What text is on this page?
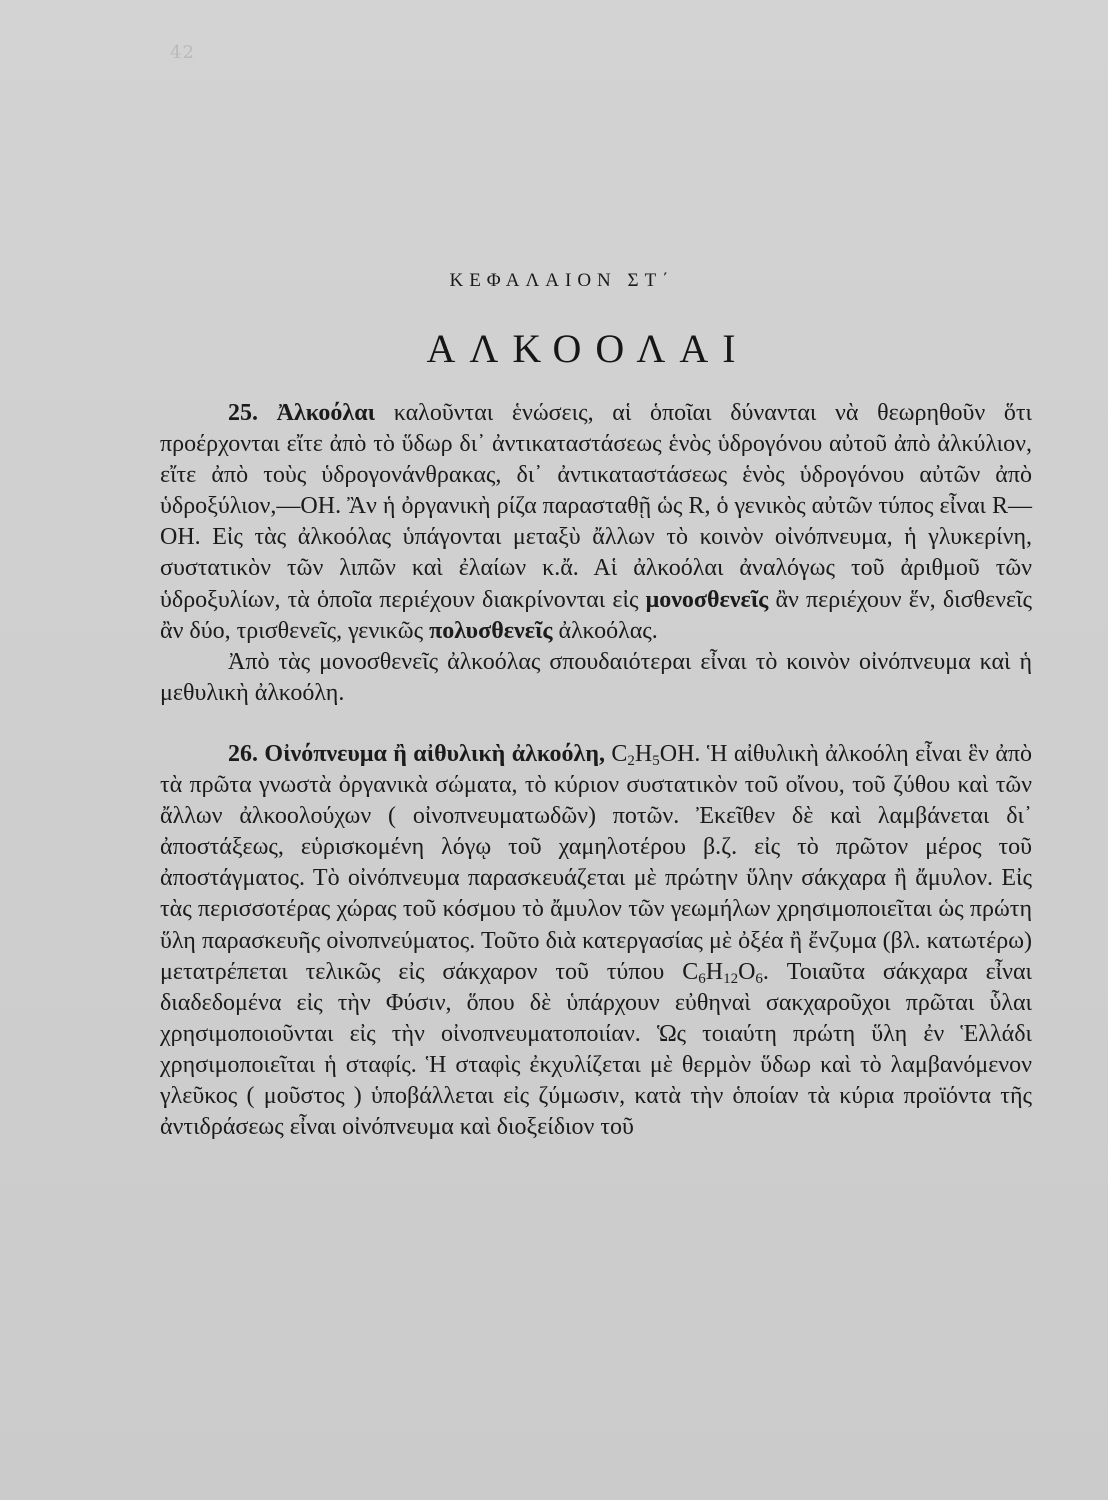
42
ΚΕΦΑΛΑΙΟΝ ΣΤ΄
ΑΛΚΟΟΛΑΙ

25. Ἀλκοόλαι καλοῦνται ἑνώσεις, αἱ ὁποῖαι δύνανται νὰ θεωρηθοῦν ὅτι προέρχονται εἴτε ἀπὸ τὸ ὕδωρ δι᾽ ἀντικαταστάσεως ἑνὸς ὑδρογόνου αὐτοῦ ἀπὸ ἀλκύλιον, εἴτε ἀπὸ τοὺς ὑδρογονάνθρακας, δι᾽ ἀντικαταστάσεως ἑνὸς ὑδρογόνου αὐτῶν ἀπὸ ὑδροξύλιον,—ΟΗ. Ἂν ἡ ὀργανικὴ ρίζα παρασταθῇ ὡς R, ὁ γενικὸς αὐτῶν τύπος εἶναι R—OH. Εἰς τὰς ἀλκοόλας ὑπάγονται μεταξὺ ἄλλων τὸ κοινὸν οἰνόπνευμα, ἡ γλυκερίνη, συστατικὸν τῶν λιπῶν καὶ ἐλαίων κ.ἄ. Αἱ ἀλκοόλαι ἀναλόγως τοῦ ἀριθμοῦ τῶν ὑδροξυλίων, τὰ ὁποῖα περιέχουν διακρίνονται εἰς μονοσθενεῖς ἂν περιέχουν ἕν, δισθενεῖς ἂν δύο, τρισθενεῖς, γενικῶς πολυσθενεῖς ἀλκοόλας.

Ἀπὸ τὰς μονοσθενεῖς ἀλκοόλας σπουδαιότεραι εἶναι τὸ κοινὸν οἰνόπνευμα καὶ ἡ μεθυλικὴ ἀλκοόλη.

26. Οἰνόπνευμα ἢ αἰθυλικὴ ἀλκοόλη, $C_2H_5OH$. Ἡ αἰθυλικὴ ἀλκοόλη εἶναι ἓν ἀπὸ τὰ πρῶτα γνωστὰ ὀργανικὰ σώματα, τὸ κύριον συστατικὸν τοῦ οἴνου, τοῦ ζύθου καὶ τῶν ἄλλων ἀλκοολούχων ( οἰνοπνευματωδῶν) ποτῶν. Ἐκεῖθεν δὲ καὶ λαμβάνεται δι᾽ ἀποστάξεως, εὑρισκομένη λόγῳ τοῦ χαμηλοτέρου β.ζ. εἰς τὸ πρῶτον μέρος τοῦ ἀποστάγματος. Τὸ οἰνόπνευμα παρασκευάζεται μὲ πρώτην ὕλην σάκχαρα ἢ ἄμυλον. Εἰς τὰς περισσοτέρας χώρας τοῦ κόσμου τὸ ἄμυλον τῶν γεωμήλων χρησιμοποιεῖται ὡς πρώτη ὕλη παρασκευῆς οἰνοπνεύματος. Τοῦτο διὰ κατεργασίας μὲ ὀξέα ἢ ἔνζυμα (βλ. κατωτέρω) μετατρέπεται τελικῶς εἰς σάκχαρον τοῦ τύπου $C_6H_{12}O_6$. Τοιαῦτα σάκχαρα εἶναι διαδεδομένα εἰς τὴν Φύσιν, ὅπου δὲ ὑπάρχουν εὐθηναὶ σακχαροῦχοι πρῶται ὗλαι χρησιμοποιοῦνται εἰς τὴν οἰνοπνευματοποιίαν. Ὡς τοιαύτη πρώτη ὕλη ἐν Ἑλλάδι χρησιμοποιεῖται ἡ σταφίς. Ἡ σταφὶς ἐκχυλίζεται μὲ θερμὸν ὕδωρ καὶ τὸ λαμβανόμενον γλεῦκος ( μοῦστος ) ὑποβάλλεται εἰς ζύμωσιν, κατὰ τὴν ὁποίαν τὰ κύρια προϊόντα τῆς ἀντιδράσεως εἶναι οἰνόπνευμα καὶ διοξείδιον τοῦ
